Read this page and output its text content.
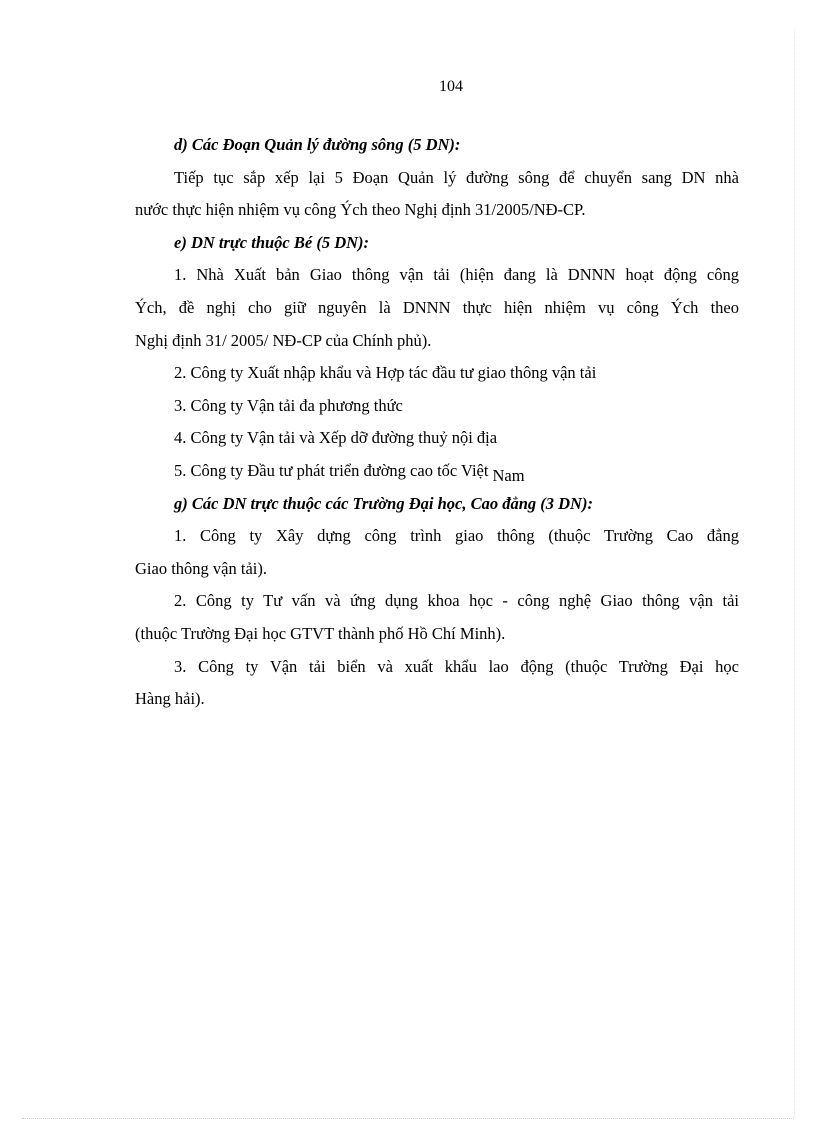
104
d) Các Đoạn Quản lý đường sông (5 DN):
Tiếp tục sắp xếp lại 5 Đoạn Quản lý đường sông để chuyển sang DN nhà
nước thực hiện nhiệm vụ công Ých theo Nghị định 31/2005/NĐ-CP.
e) DN trực thuộc Bé (5 DN):
1. Nhà Xuất bản Giao thông vận tải (hiện đang là DNNN hoạt động công
Ých, đề nghị cho giữ nguyên là DNNN thực hiện nhiệm vụ công Ých theo
Nghị định 31/ 2005/ NĐ-CP của Chính phủ).
2. Công ty Xuất nhập khẩu và Hợp tác đầu tư giao thông vận tải
3. Công ty Vận tải đa phương thức
4. Công ty Vận tải và Xếp dỡ đường thuỷ nội địa
5. Công ty Đầu tư phát triển đường cao tốc Việt Nam
g) Các DN trực thuộc các Trường Đại học, Cao đẳng (3 DN):
1. Công ty Xây dựng công trình giao thông (thuộc Trường Cao đẳng
Giao thông vận tải).
2. Công ty Tư vấn và ứng dụng khoa học - công nghệ Giao thông vận tải
(thuộc Trường Đại học GTVT thành phố Hồ Chí Minh).
3. Công ty Vận tải biển và xuất khẩu lao động (thuộc Trường Đại học
Hàng hải).
